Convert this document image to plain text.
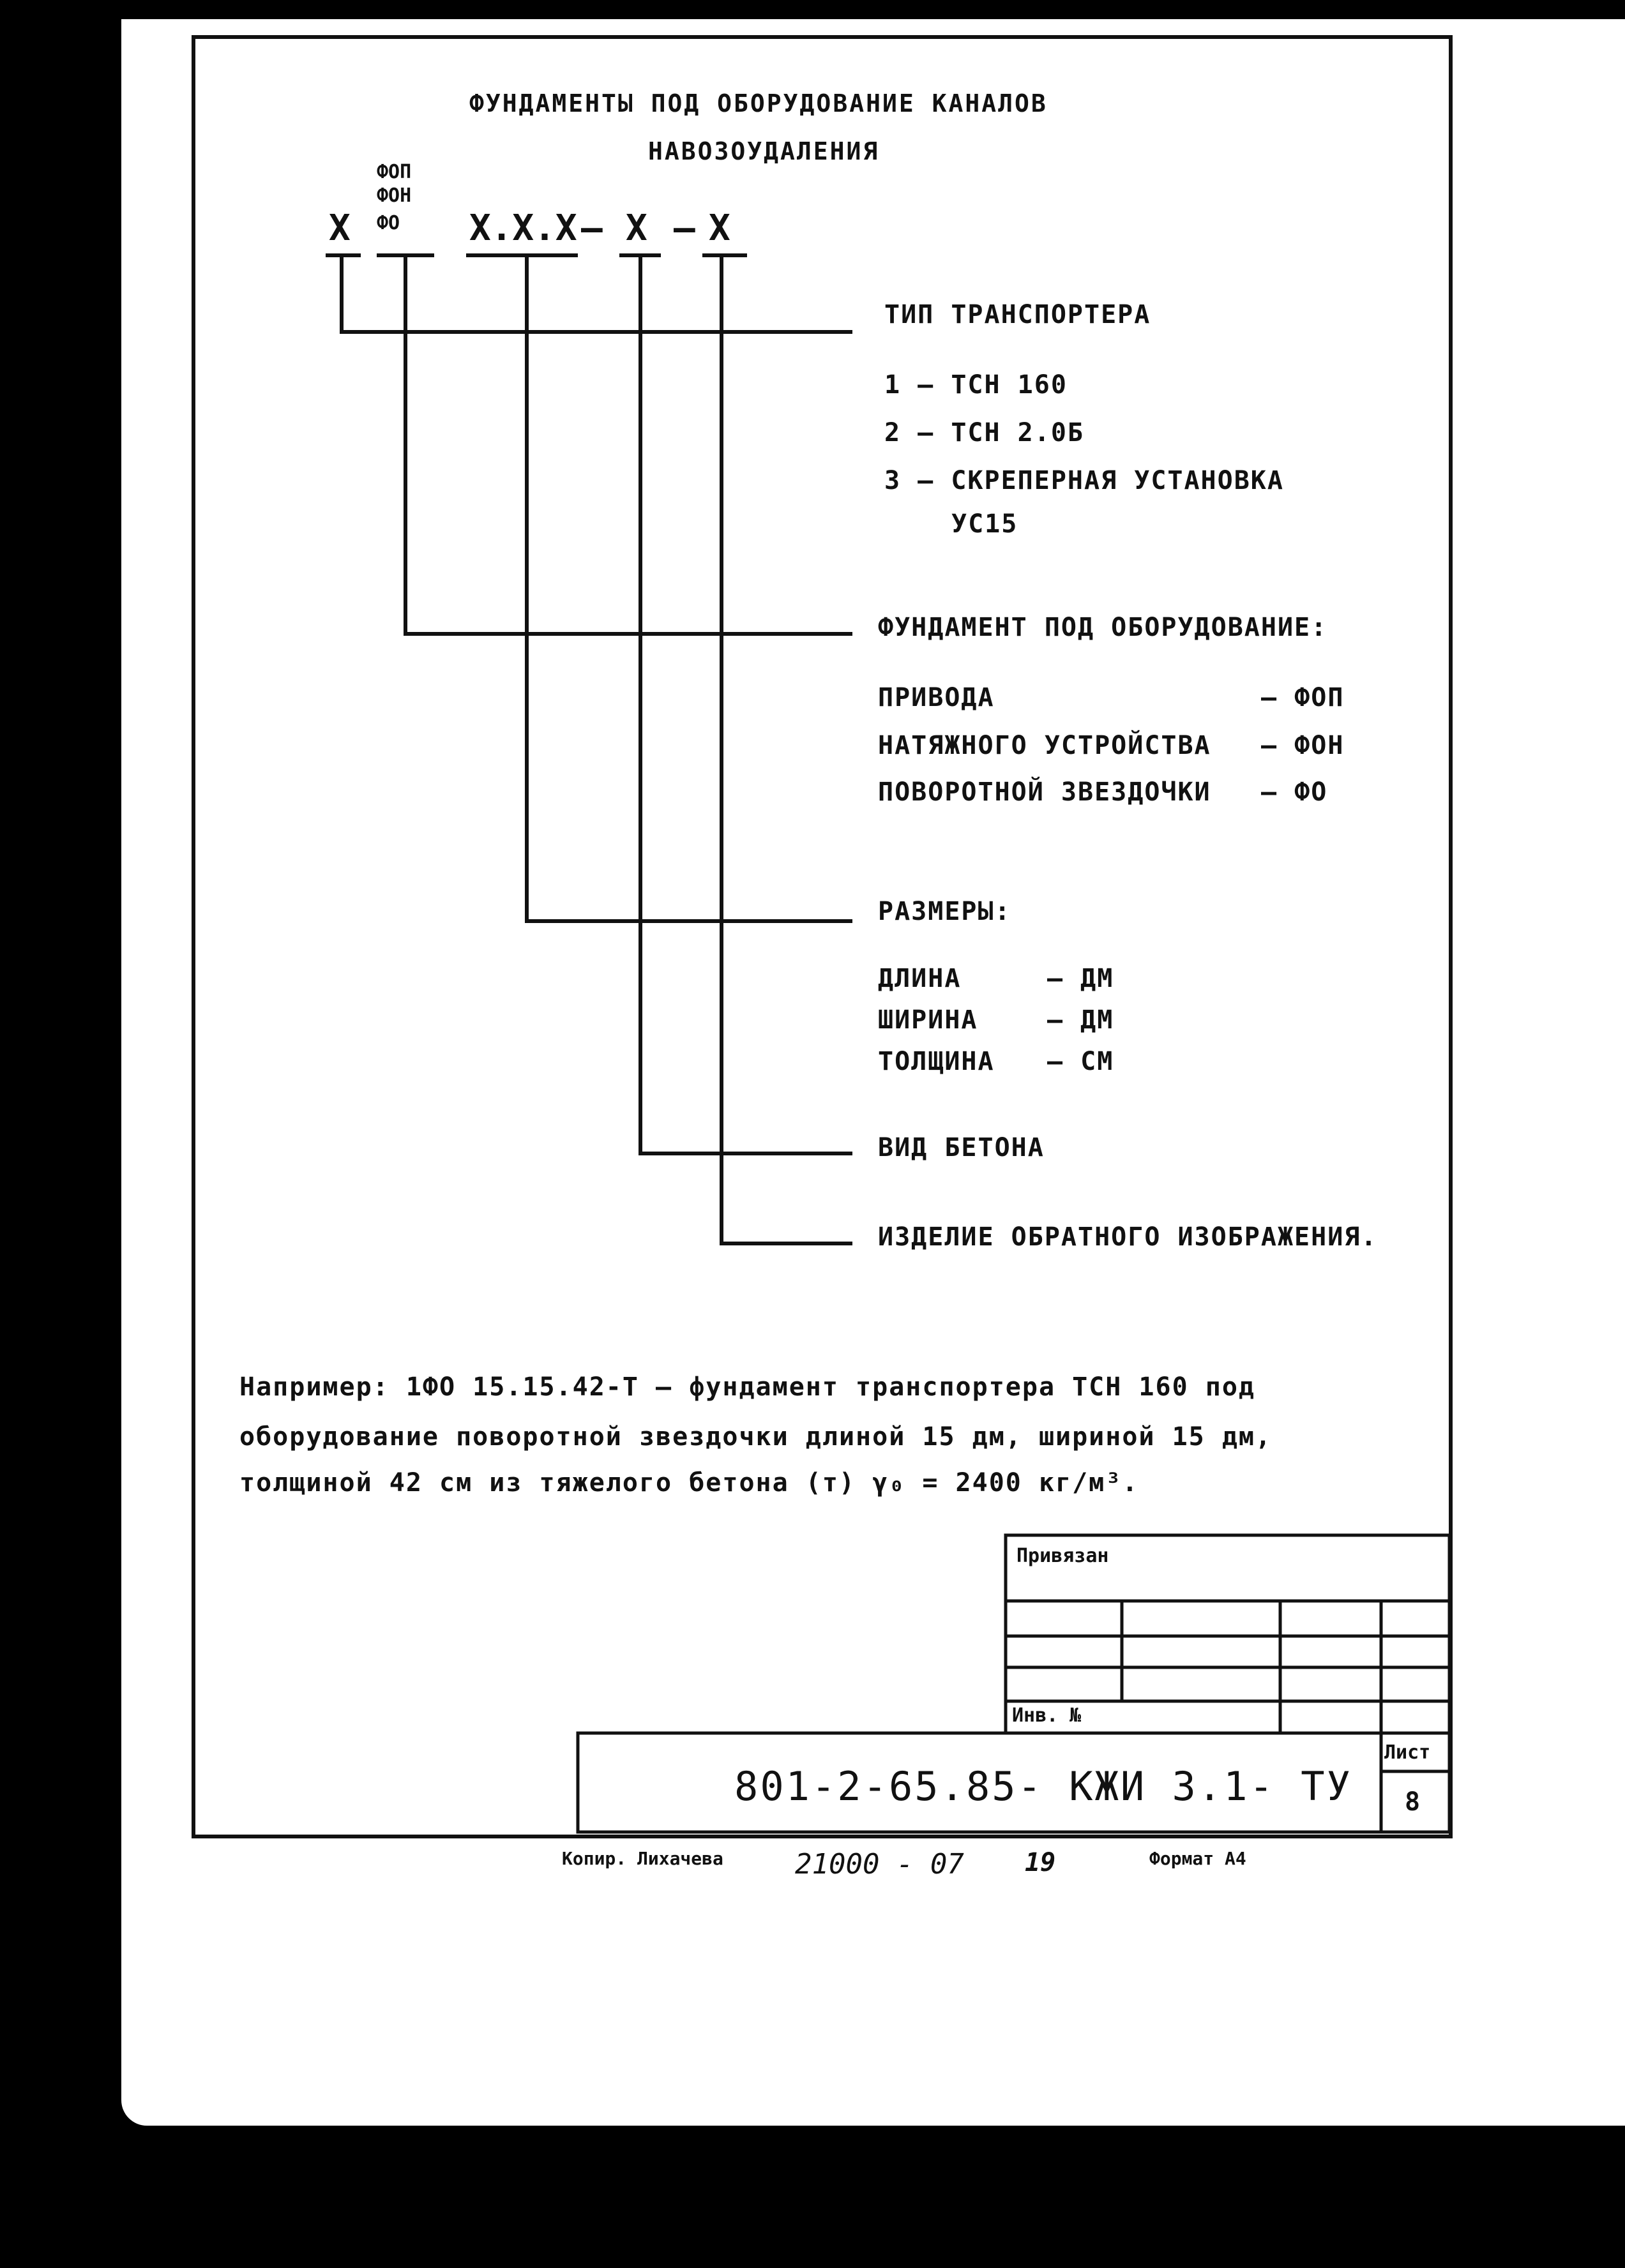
ФУНДАМЕНТЫ ПОД ОБОРУДОВАНИЕ КАНАЛОВ
НАВОЗОУДАЛЕНИЯ
ФОП
ФОН
ФО
Х	Х.Х.Х – Х – Х
ТИП ТРАНСПОРТЕРА
1 – ТСН 160
2 – ТСН 2.0Б
3 – СКРЕПЕРНАЯ УСТАНОВКА
УС15
ФУНДАМЕНТ ПОД ОБОРУДОВАНИЕ:
ПРИВОДА	– ФОП
НАТЯЖНОГО УСТРОЙСТВА – ФОН
ПОВОРОТНОЙ ЗВЕЗДОЧКИ – ФО
РАЗМЕРЫ:
ДЛИНА	– ДМ
ШИРИНА	– ДМ
ТОЛЩИНА – СМ
ВИД БЕТОНА
ИЗДЕЛИЕ ОБРАТНОГО ИЗОБРАЖЕНИЯ.
Например: 1ФО 15.15.42-Т – фундамент транспортера ТСН 160 под
оборудование поворотной звездочки длиной 15 дм, шириной 15 дм,
толщиной 42 см из тяжелого бетона (т) γ₀ = 2400 кг/м³.
Привязан
Инв. №
801-2-65.85- КЖИ 3.1- ТУ
Лист
8
Копир. Лихачева	21000 - 07 19	Формат А4
